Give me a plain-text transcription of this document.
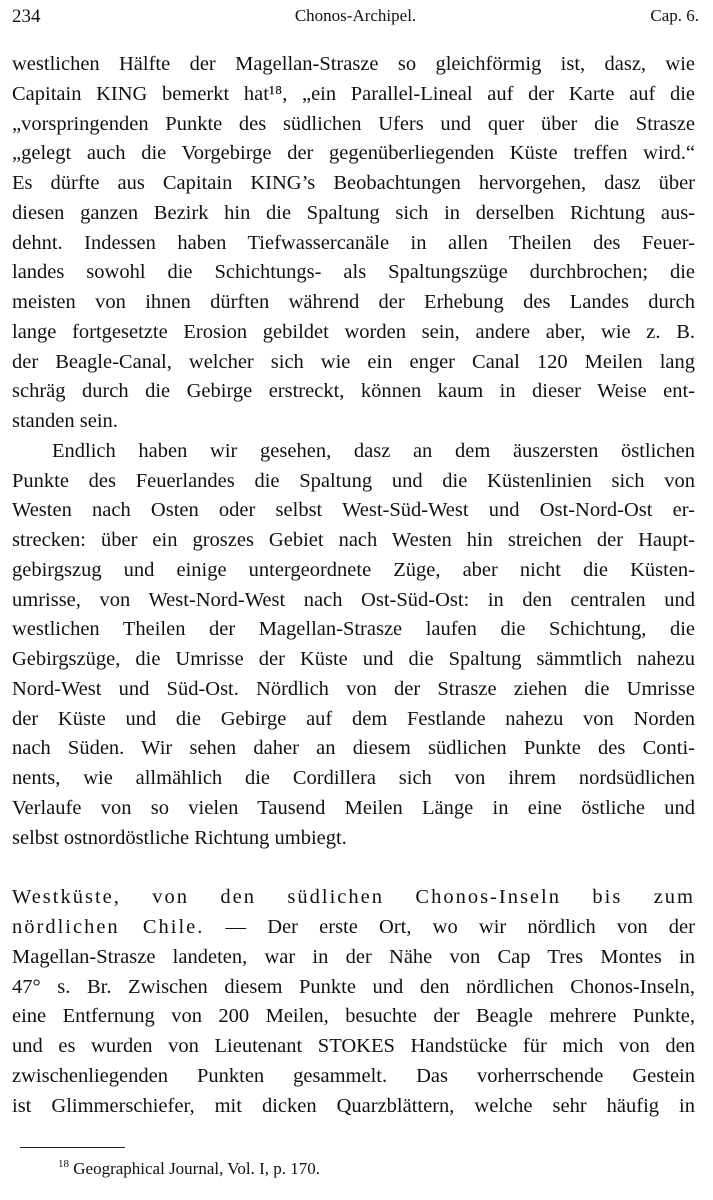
234	Chonos-Archipel.	Cap. 6.
westlichen Hälfte der Magellan-Strasze so gleichförmig ist, dasz, wie
Capitain KING bemerkt hat¹⁸, „ein Parallel-Lineal auf der Karte auf die
„vorspringenden Punkte des südlichen Ufers und quer über die Strasze
„gelegt auch die Vorgebirge der gegenüberliegenden Küste treffen wird.“
Es dürfte aus Capitain KING’s Beobachtungen hervorgehen, dasz über
diesen ganzen Bezirk hin die Spaltung sich in derselben Richtung aus-
dehnt. Indessen haben Tiefwassercanäle in allen Theilen des Feuer-
landes sowohl die Schichtungs- als Spaltungszüge durchbrochen; die
meisten von ihnen dürften während der Erhebung des Landes durch
lange fortgesetzte Erosion gebildet worden sein, andere aber, wie z. B.
der Beagle-Canal, welcher sich wie ein enger Canal 120 Meilen lang
schräg durch die Gebirge erstreckt, können kaum in dieser Weise ent-
standen sein.
Endlich haben wir gesehen, dasz an dem äuszersten östlichen
Punkte des Feuerlandes die Spaltung und die Küstenlinien sich von
Westen nach Osten oder selbst West-Süd-West und Ost-Nord-Ost er-
strecken: über ein groszes Gebiet nach Westen hin streichen der Haupt-
gebirgszug und einige untergeordnete Züge, aber nicht die Küsten-
umrisse, von West-Nord-West nach Ost-Süd-Ost: in den centralen und
westlichen Theilen der Magellan-Strasze laufen die Schichtung, die
Gebirgszüge, die Umrisse der Küste und die Spaltung sämmtlich nahezu
Nord-West und Süd-Ost. Nördlich von der Strasze ziehen die Umrisse
der Küste und die Gebirge auf dem Festlande nahezu von Norden
nach Süden. Wir sehen daher an diesem südlichen Punkte des Conti-
nents, wie allmählich die Cordillera sich von ihrem nordsüdlichen
Verlaufe von so vielen Tausend Meilen Länge in eine östliche und
selbst ostnordöstliche Richtung umbiegt.
Westküste, von den südlichen Chonos-Inseln bis zum
nördlichen Chile. — Der erste Ort, wo wir nördlich von der
Magellan-Strasze landeten, war in der Nähe von Cap Tres Montes in
47° s. Br. Zwischen diesem Punkte und den nördlichen Chonos-Inseln,
eine Entfernung von 200 Meilen, besuchte der Beagle mehrere Punkte,
und es wurden von Lieutenant STOKES Handstücke für mich von den
zwischenliegenden Punkten gesammelt. Das vorherrschende Gestein
ist Glimmerschiefer, mit dicken Quarzblättern, welche sehr häufig in
$^{18}$ Geographical Journal, Vol. I, p. 170.
